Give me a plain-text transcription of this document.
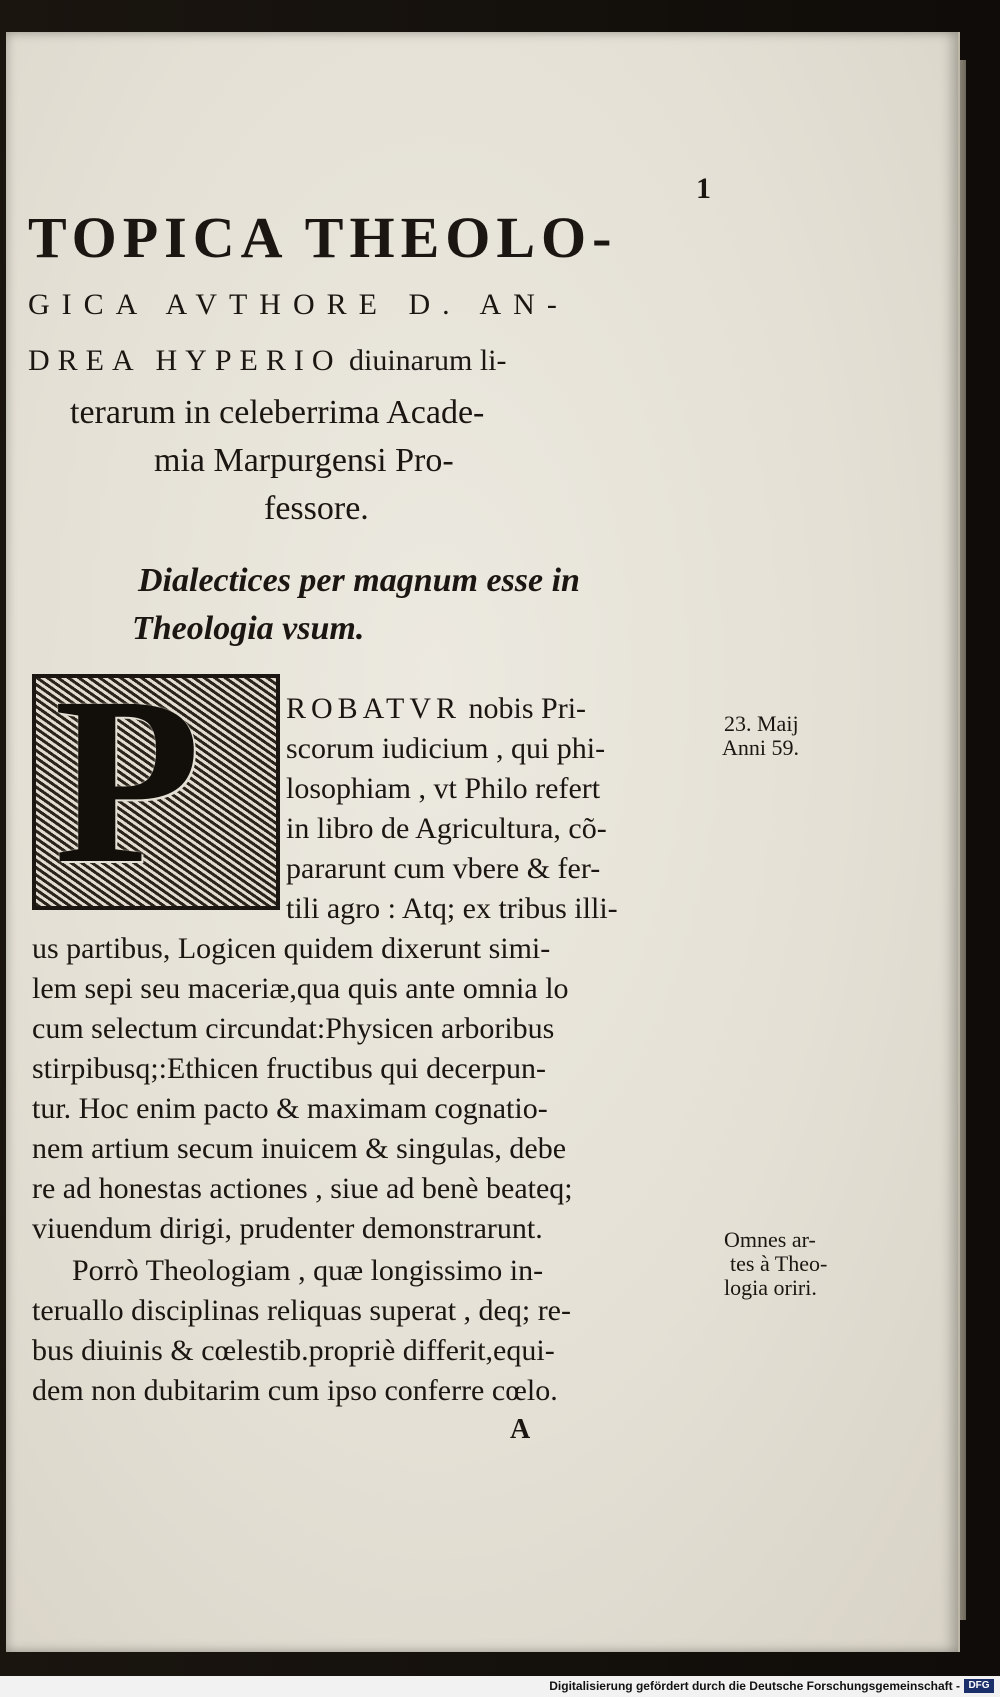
1
TOPICA THEOLO-
GICA AVTHORE D. AN-
DREA HYPERIO diuinarum li-
terarum in celeberrima Acade-
mia Marpurgensi Pro-
fessore.
Dialectices per magnum esse in
Theologia vsum.
P	ROBATVR nobis Pri-
scorum iudicium , qui phi-
losophiam , vt Philo refert
in libro de Agricultura, cõ-
pararunt cum vbere & fer-
tili agro : Atq; ex tribus illi-
us partibus, Logicen quidem dixerunt simi-
lem sepi seu maceriæ,qua quis ante omnia lo
cum selectum circundat:Physicen arboribus
stirpibusq;:Ethicen fructibus qui decerpun-
tur. Hoc enim pacto & maximam cognatio-
nem artium secum inuicem & singulas, debe
re ad honestas actiones , siue ad benè beateq;
viuendum dirigi, prudenter demonstrarunt.
Porrò Theologiam , quæ longissimo in-
teruallo disciplinas reliquas superat , deq; re-
bus diuinis & cœlestib.propriè differit,equi-
dem non dubitarim cum ipso conferre cœlo.
A
23. Maij
Anni 59.
Omnes ar-
tes à Theo-
logia oriri.
Digitalisierung gefördert durch die Deutsche Forschungsgemeinschaft - DFG
